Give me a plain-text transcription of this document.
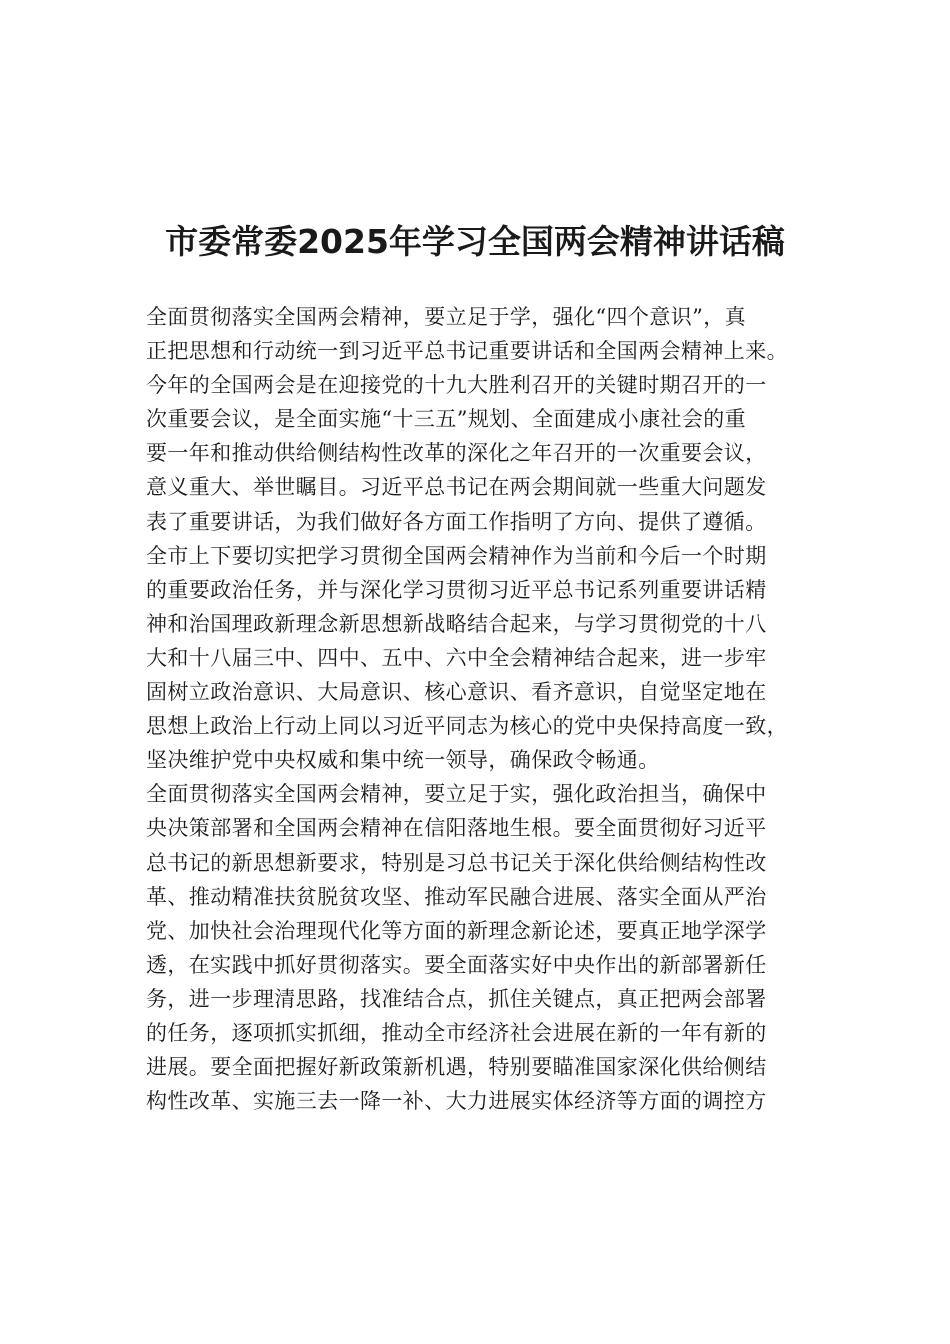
市委常委2025年学习全国两会精神讲话稿
全面贯彻落实全国两会精神，要立足于学，强化“四个意识”，真
正把思想和行动统一到习近平总书记重要讲话和全国两会精神上来。
今年的全国两会是在迎接党的十九大胜利召开的关键时期召开的一
次重要会议，是全面实施“十三五”规划、全面建成小康社会的重
要一年和推动供给侧结构性改革的深化之年召开的一次重要会议，
意义重大、举世瞩目。习近平总书记在两会期间就一些重大问题发
表了重要讲话，为我们做好各方面工作指明了方向、提供了遵循。
全市上下要切实把学习贯彻全国两会精神作为当前和今后一个时期
的重要政治任务，并与深化学习贯彻习近平总书记系列重要讲话精
神和治国理政新理念新思想新战略结合起来，与学习贯彻党的十八
大和十八届三中、四中、五中、六中全会精神结合起来，进一步牢
固树立政治意识、大局意识、核心意识、看齐意识，自觉坚定地在
思想上政治上行动上同以习近平同志为核心的党中央保持高度一致，
坚决维护党中央权威和集中统一领导，确保政令畅通。
全面贯彻落实全国两会精神，要立足于实，强化政治担当，确保中
央决策部署和全国两会精神在信阳落地生根。要全面贯彻好习近平
总书记的新思想新要求，特别是习总书记关于深化供给侧结构性改
革、推动精准扶贫脱贫攻坚、推动军民融合进展、落实全面从严治
党、加快社会治理现代化等方面的新理念新论述，要真正地学深学
透，在实践中抓好贯彻落实。要全面落实好中央作出的新部署新任
务，进一步理清思路，找准结合点，抓住关键点，真正把两会部署
的任务，逐项抓实抓细，推动全市经济社会进展在新的一年有新的
进展。要全面把握好新政策新机遇，特别要瞄准国家深化供给侧结
构性改革、实施三去一降一补、大力进展实体经济等方面的调控方
